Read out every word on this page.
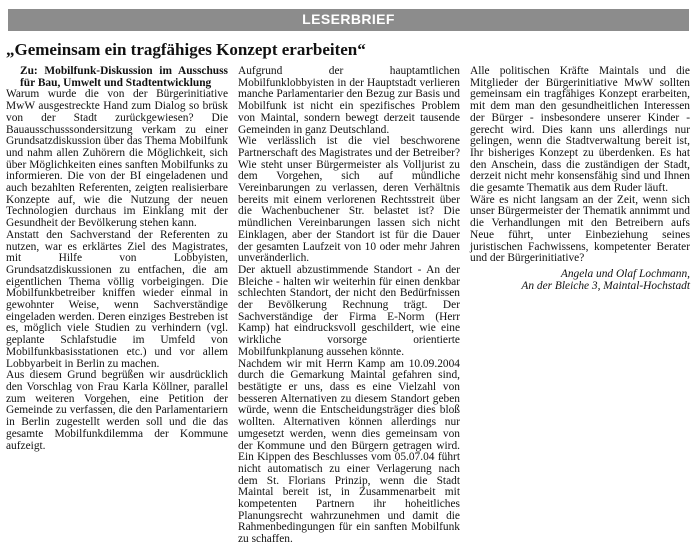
LESERBRIEF
„Gemeinsam ein tragfähiges Konzept erarbeiten“

Zu: Mobilfunk-Diskussion im Ausschuss für Bau, Umwelt und Stadtentwicklung

Warum wurde die von der Bürgerinitiative MwW ausgestreckte Hand zum Dialog so brüsk von der Stadt zurückgewiesen? Die Bauausschusssondersitzung verkam zu einer Grundsatzdiskussion über das Thema Mobilfunk und nahm allen Zuhörern die Möglichkeit, sich über Möglichkeiten eines sanften Mobilfunks zu informieren. Die von der BI eingeladenen und auch bezahlten Referenten, zeigten realisierbare Konzepte auf, wie die Nutzung der neuen Technologien durchaus im Einklang mit der Gesundheit der Bevölkerung stehen kann.

Anstatt den Sachverstand der Referenten zu nutzen, war es erklärtes Ziel des Magistrates, mit Hilfe von Lobbyisten, Grundsatzdiskussionen zu entfachen, die am eigentlichen Thema völlig vorbeigingen. Die Mobilfunkbetreiber kniffen wieder einmal in gewohnter Weise, wenn Sachverständige eingeladen werden. Deren einziges Bestreben ist es, möglich viele Studien zu verhindern (vgl. geplante Schlafstudie im Umfeld von Mobilfunkbasisstationen etc.) und vor allem Lobbyarbeit in Berlin zu machen.

Aus diesem Grund begrüßen wir ausdrücklich den Vorschlag von Frau Karla Köllner, parallel zum weiteren Vorgehen, eine Petition der Gemeinde zu verfassen, die den Parlamentariern in Berlin zugestellt werden soll und die das gesamte Mobilfunkdilemma der Kommune aufzeigt.

Aufgrund der hauptamtlichen Mobilfunklobbyisten in der Hauptstadt verlieren manche Parlamentarier den Bezug zur Basis und Mobilfunk ist nicht ein spezifisches Problem von Maintal, sondern bewegt derzeit tausende Gemeinden in ganz Deutschland.

Wie verlässlich ist die viel beschworene Partnerschaft des Magistrates und der Betreiber? Wie steht unser Bürgermeister als Volljurist zu dem Vorgehen, sich auf mündliche Vereinbarungen zu verlassen, deren Verhältnis bereits mit einem verlorenen Rechtsstreit über die Wachenbuchener Str. belastet ist? Die mündlichen Vereinbarungen lassen sich nicht Einklagen, aber der Standort ist für die Dauer der gesamten Laufzeit von 10 oder mehr Jahren unveränderlich.

Der aktuell abzustimmende Standort - An der Bleiche - halten wir weiterhin für einen denkbar schlechten Standort, der nicht den Bedürfnissen der Bevölkerung Rechnung trägt. Der Sachverständige der Firma E-Norm (Herr Kamp) hat eindrucksvoll geschildert, wie eine wirkliche vorsorge orientierte Mobilfunkplanung aussehen könnte.

Nachdem wir mit Herrn Kamp am 10.09.2004 durch die Gemarkung Maintal gefahren sind, bestätigte er uns, dass es eine Vielzahl von besseren Alternativen zu diesem Standort geben würde, wenn die Entscheidungsträger dies bloß wollten. Alternativen können allerdings nur umgesetzt werden, wenn dies gemeinsam von der Kommune und den Bürgern getragen wird. Ein Kippen des Beschlusses vom 05.07.04 führt nicht automatisch zu einer Verlagerung nach dem St. Florians Prinzip, wenn die Stadt Maintal bereit ist, in Zusammenarbeit mit kompetenten Partnern ihr hoheitliches Planungsrecht wahrzunehmen und damit die Rahmenbedingungen für ein sanften Mobilfunk zu schaffen.

Alle politischen Kräfte Maintals und die Mitglieder der Bürgerinitiative MwW sollten gemeinsam ein tragfähiges Konzept erarbeiten, mit dem man den gesundheitlichen Interessen der Bürger - insbesondere unserer Kinder - gerecht wird. Dies kann uns allerdings nur gelingen, wenn die Stadtverwaltung bereit ist, Ihr bisheriges Konzept zu überdenken. Es hat den Anschein, dass die zuständigen der Stadt, derzeit nicht mehr konsensfähig sind und Ihnen die gesamte Thematik aus dem Ruder läuft.

Wäre es nicht langsam an der Zeit, wenn sich unser Bürgermeister der Thematik annimmt und die Verhandlungen mit den Betreibern aufs Neue führt, unter Einbeziehung seines juristischen Fachwissens, kompetenter Berater und der Bürgerinitiative?

Angela und Olaf Lochmann,
An der Bleiche 3, Maintal-Hochstadt
